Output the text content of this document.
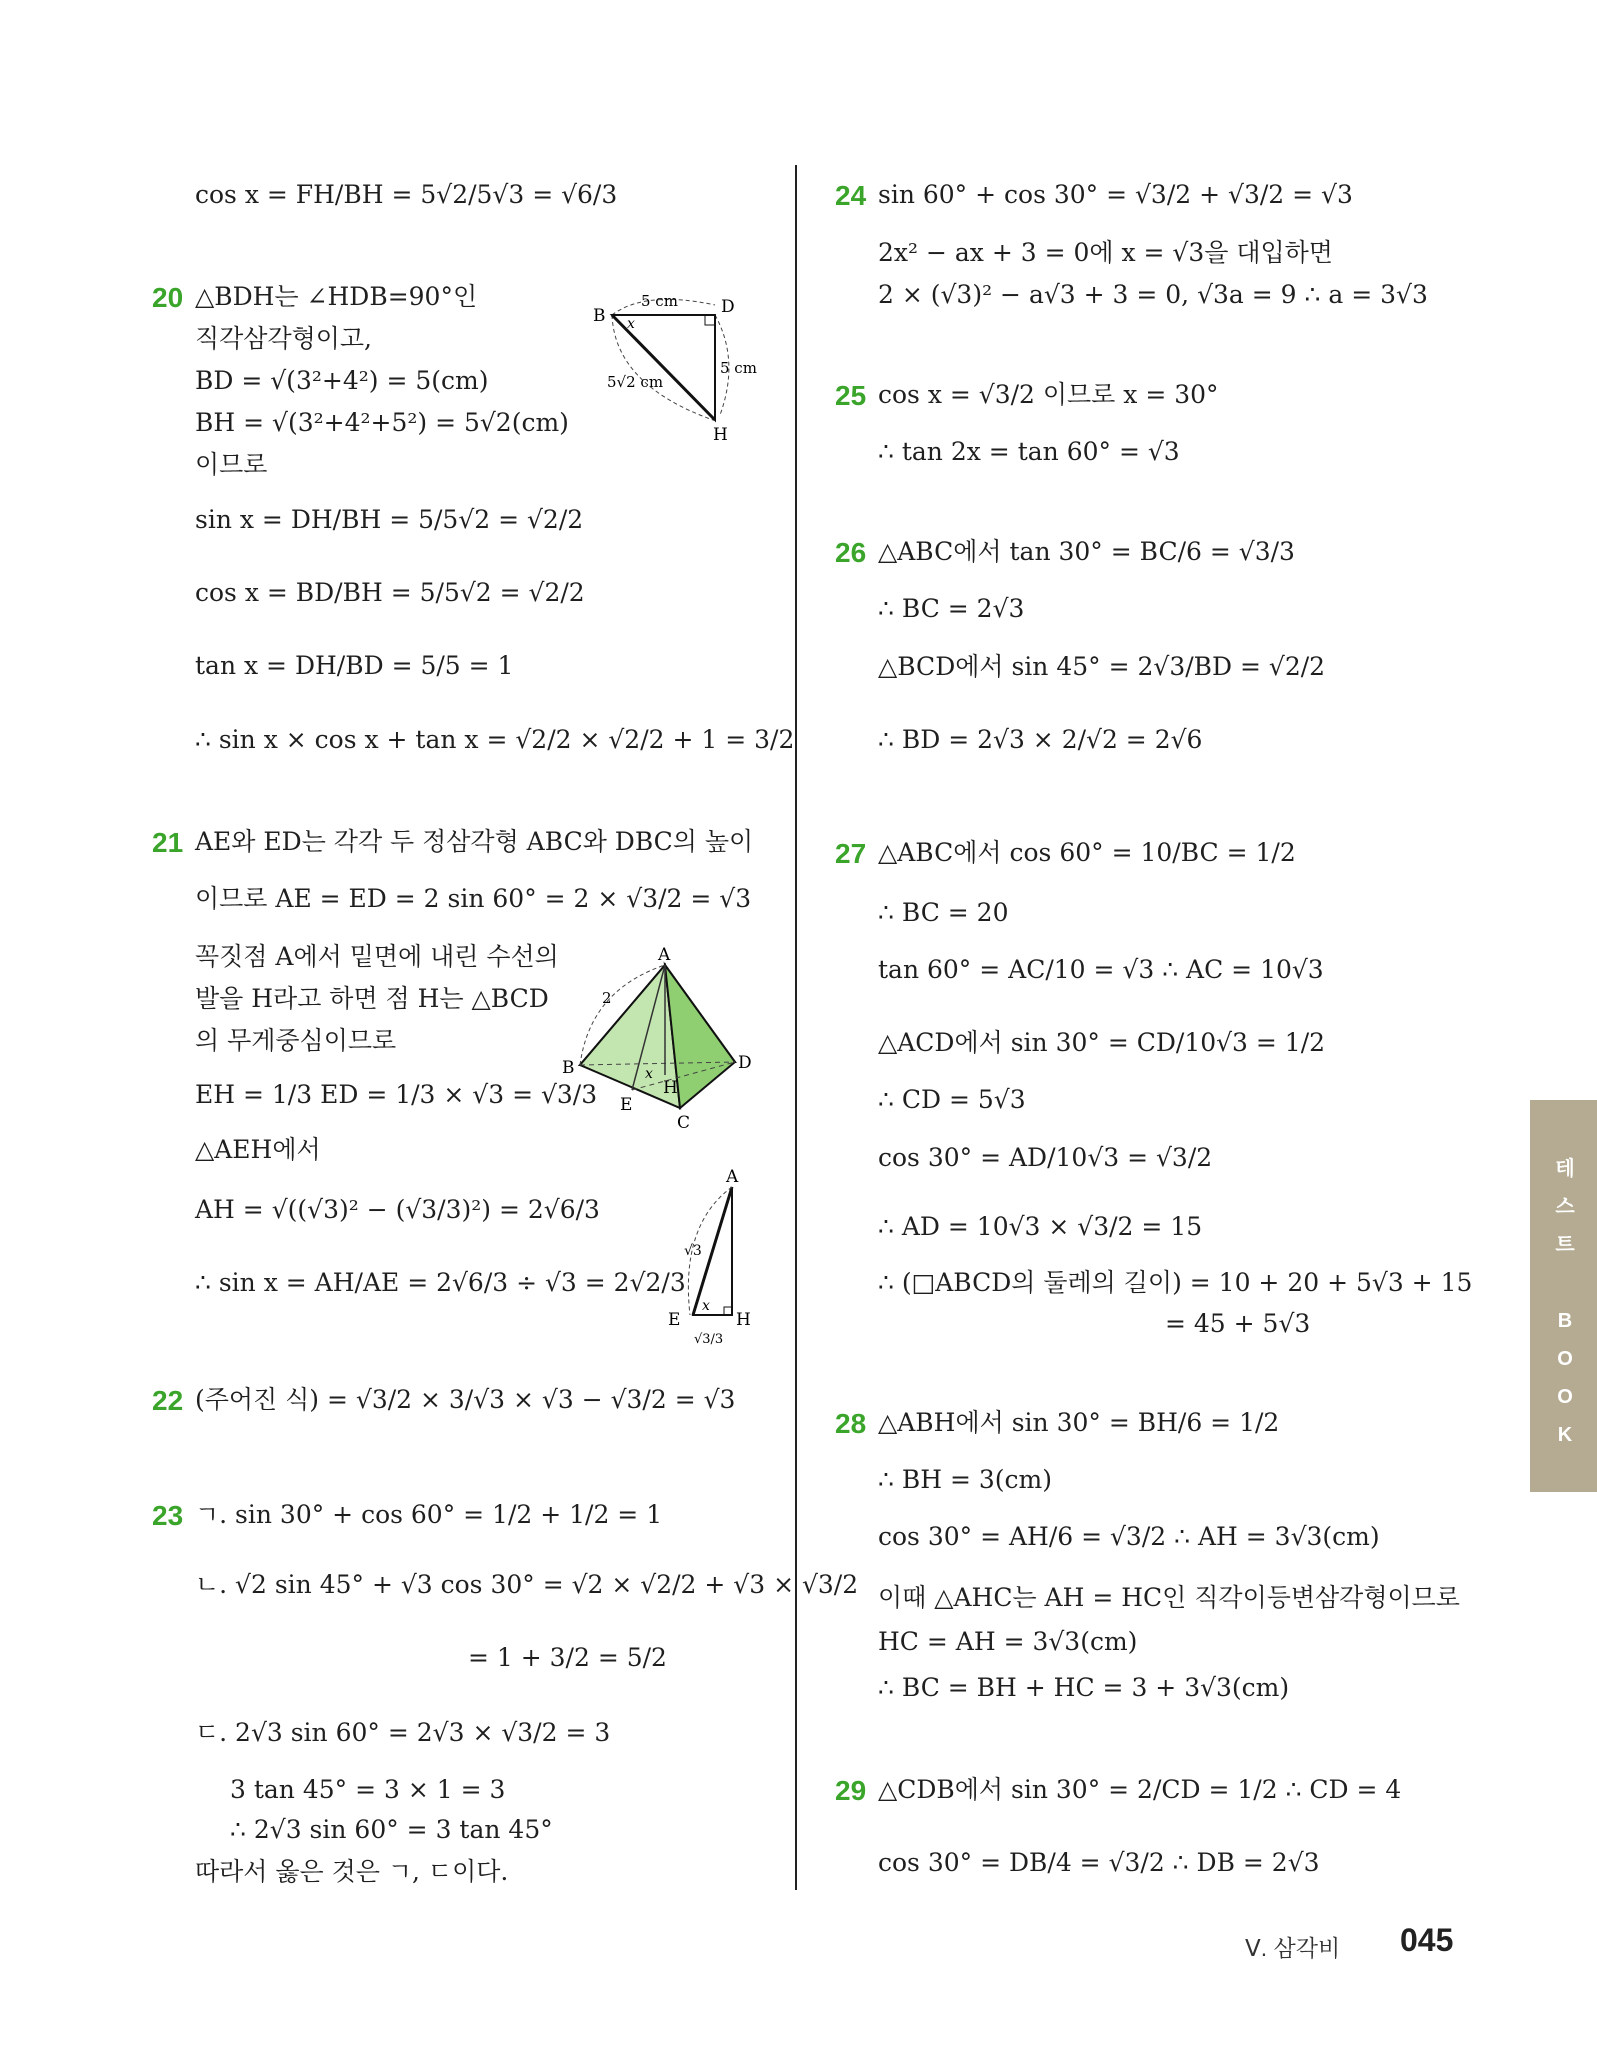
cos x = FH/BH = 5√2/5√3 = √6/3
20 △BDH는 ∠HDB=90°인
직각삼각형이고,
BD = √(3²+4²) = 5(cm)
BH = √(3²+4²+5²) = 5√2(cm)
이므로
sin x = DH/BH = 5/5√2 = √2/2
cos x = BD/BH = 5/5√2 = √2/2
tan x = DH/BD = 5/5 = 1
∴ sin x × cos x + tan x = √2/2 × √2/2 + 1 = 3/2
B	D
H
x
5 cm
5 cm
5√2 cm
21 AE와 ED는 각각 두 정삼각형 ABC와 DBC의 높이
이므로 AE = ED = 2 sin 60° = 2 × √3/2 = √3
꼭짓점 A에서 밑면에 내린 수선의
발을 H라고 하면 점 H는 △BCD
의 무게중심이므로
EH = 1/3 ED = 1/3 × √3 = √3/3
△AEH에서
AH = √((√3)² − (√3/3)²) = 2√6/3
∴ sin x = AH/AE = 2√6/3 ÷ √3 = 2√2/3
A
B	D
C
E
H
x
2
A
E	H
x
√3
√3/3
22 (주어진 식) = √3/2 × 3/√3 × √3 − √3/2 = √3
23 ㄱ. sin 30° + cos 60° = 1/2 + 1/2 = 1
ㄴ. √2 sin 45° + √3 cos 30° = √2 × √2/2 + √3 × √3/2
= 1 + 3/2 = 5/2
ㄷ. 2√3 sin 60° = 2√3 × √3/2 = 3
3 tan 45° = 3 × 1 = 3
∴ 2√3 sin 60° = 3 tan 45°
따라서 옳은 것은 ㄱ, ㄷ이다.
24 sin 60° + cos 30° = √3/2 + √3/2 = √3
2x² − ax + 3 = 0에 x = √3을 대입하면
2 × (√3)² − a√3 + 3 = 0, √3a = 9 ∴ a = 3√3
25 cos x = √3/2 이므로 x = 30°
∴ tan 2x = tan 60° = √3
26 △ABC에서 tan 30° = BC/6 = √3/3
∴ BC = 2√3
△BCD에서 sin 45° = 2√3/BD = √2/2
∴ BD = 2√3 × 2/√2 = 2√6
27 △ABC에서 cos 60° = 10/BC = 1/2
∴ BC = 20
tan 60° = AC/10 = √3 ∴ AC = 10√3
△ACD에서 sin 30° = CD/10√3 = 1/2
∴ CD = 5√3
cos 30° = AD/10√3 = √3/2
∴ AD = 10√3 × √3/2 = 15
∴ (□ABCD의 둘레의 길이) = 10 + 20 + 5√3 + 15
= 45 + 5√3
28 △ABH에서 sin 30° = BH/6 = 1/2
∴ BH = 3(cm)
cos 30° = AH/6 = √3/2 ∴ AH = 3√3(cm)
이때 △AHC는 AH = HC인 직각이등변삼각형이므로
HC = AH = 3√3(cm)
∴ BC = BH + HC = 3 + 3√3(cm)
29 △CDB에서 sin 30° = 2/CD = 1/2 ∴ CD = 4
cos 30° = DB/4 = √3/2 ∴ DB = 2√3
테
스
트

B
O
O
K
Ⅴ. 삼각비 045
